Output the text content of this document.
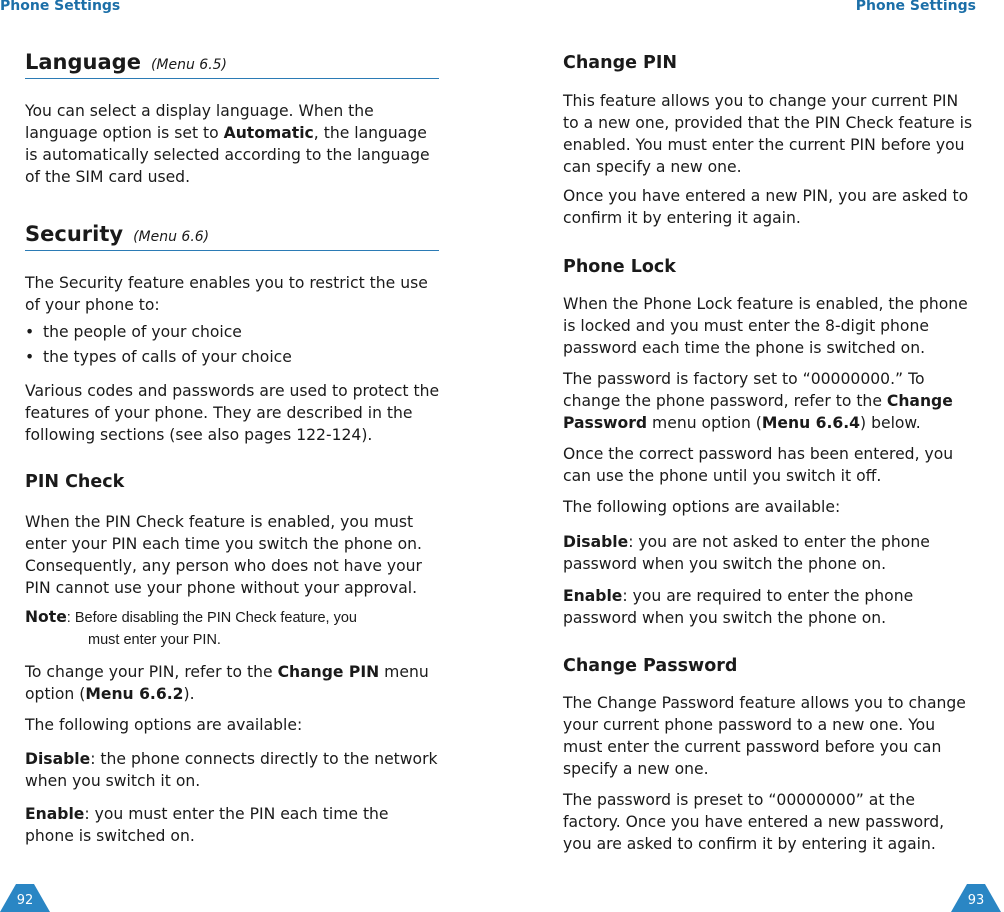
Phone Settings	Phone Settings
Language (Menu 6.5)

You can select a display language. When the language option is set to Automatic, the language is automatically selected according to the language of the SIM card used.

Security (Menu 6.6)

The Security feature enables you to restrict the use of your phone to:

• the people of your choice
• the types of calls of your choice

Various codes and passwords are used to protect the features of your phone. They are described in the following sections (see also pages 122-124).

PIN Check

When the PIN Check feature is enabled, you must enter your PIN each time you switch the phone on. Consequently, any person who does not have your PIN cannot use your phone without your approval.

Note: Before disabling the PIN Check feature, you
must enter your PIN.

To change your PIN, refer to the Change PIN menu option (Menu 6.6.2).

The following options are available:

Disable: the phone connects directly to the network when you switch it on.

Enable: you must enter the PIN each time the phone is switched on.

Change PIN

This feature allows you to change your current PIN to a new one, provided that the PIN Check feature is enabled. You must enter the current PIN before you can specify a new one.

Once you have entered a new PIN, you are asked to confirm it by entering it again.

Phone Lock

When the Phone Lock feature is enabled, the phone is locked and you must enter the 8-digit phone password each time the phone is switched on.

The password is factory set to “00000000.” To change the phone password, refer to the Change Password menu option (Menu 6.6.4) below.

Once the correct password has been entered, you can use the phone until you switch it off.

The following options are available:

Disable: you are not asked to enter the phone password when you switch the phone on.

Enable: you are required to enter the phone password when you switch the phone on.

Change Password

The Change Password feature allows you to change your current phone password to a new one. You must enter the current password before you can specify a new one.

The password is preset to “00000000” at the factory. Once you have entered a new password, you are asked to confirm it by entering it again.

92	93
